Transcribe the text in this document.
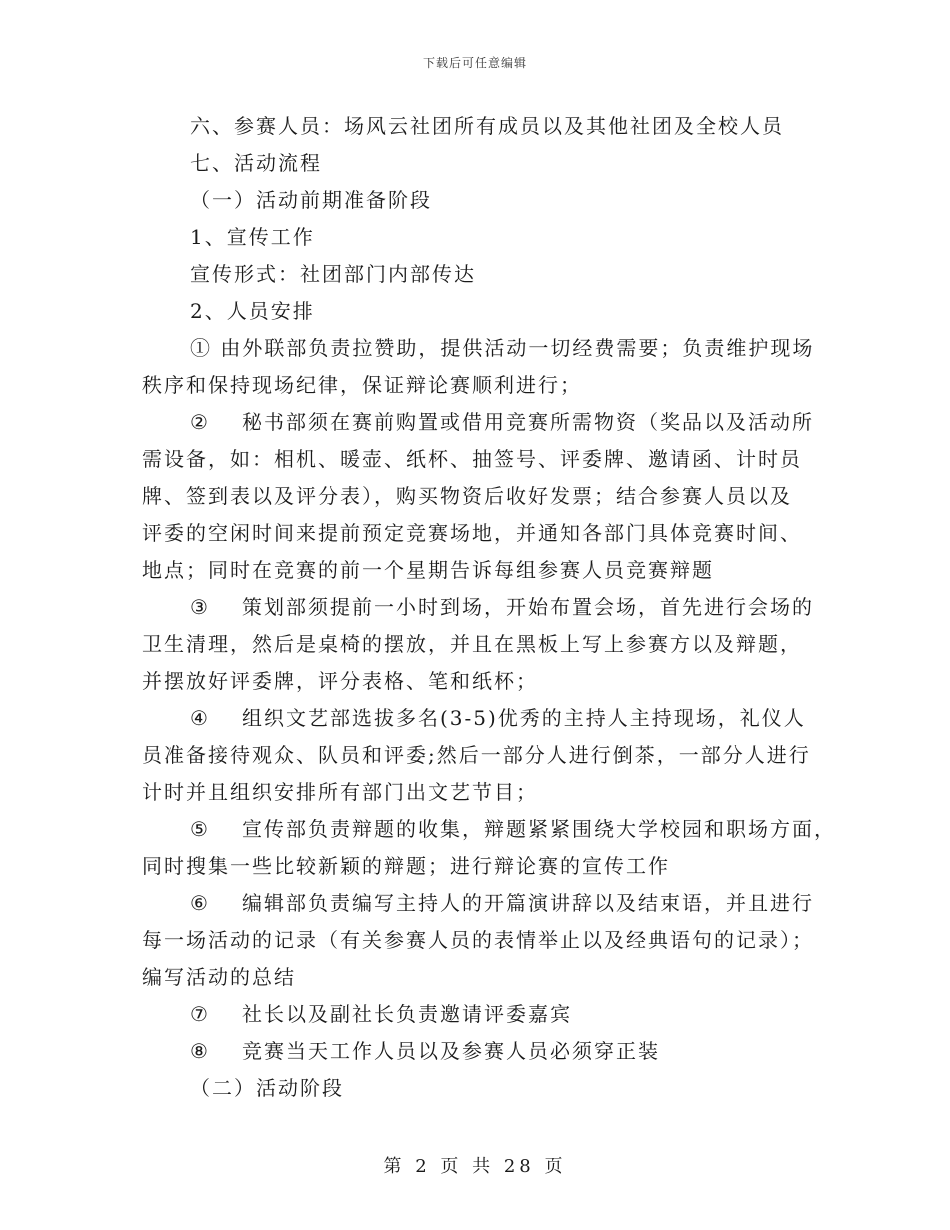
下载后可任意编辑
六、参赛人员：场风云社团所有成员以及其他社团及全校人员
七、活动流程
（一）活动前期准备阶段
1、宣传工作
宣传形式：社团部门内部传达
2、人员安排
① 由外联部负责拉赞助，提供活动一切经费需要；负责维护现场
秩序和保持现场纪律，保证辩论赛顺利进行；
② 秘书部须在赛前购置或借用竞赛所需物资（奖品以及活动所
需设备，如：相机、暖壶、纸杯、抽签号、评委牌、邀请函、计时员
牌、签到表以及评分表），购买物资后收好发票；结合参赛人员以及
评委的空闲时间来提前预定竞赛场地，并通知各部门具体竞赛时间、
地点；同时在竞赛的前一个星期告诉每组参赛人员竞赛辩题
③ 策划部须提前一小时到场，开始布置会场，首先进行会场的
卫生清理，然后是桌椅的摆放，并且在黑板上写上参赛方以及辩题，
并摆放好评委牌，评分表格、笔和纸杯；
④ 组织文艺部选拔多名(3-5)优秀的主持人主持现场，礼仪人
员准备接待观众、队员和评委;然后一部分人进行倒茶，一部分人进行
计时并且组织安排所有部门出文艺节目；
⑤ 宣传部负责辩题的收集，辩题紧紧围绕大学校园和职场方面，
同时搜集一些比较新颖的辩题；进行辩论赛的宣传工作
⑥ 编辑部负责编写主持人的开篇演讲辞以及结束语，并且进行
每一场活动的记录（有关参赛人员的表情举止以及经典语句的记录）；
编写活动的总结
⑦ 社长以及副社长负责邀请评委嘉宾
⑧ 竞赛当天工作人员以及参赛人员必须穿正装
（二）活动阶段
第 2 页 共 28 页
